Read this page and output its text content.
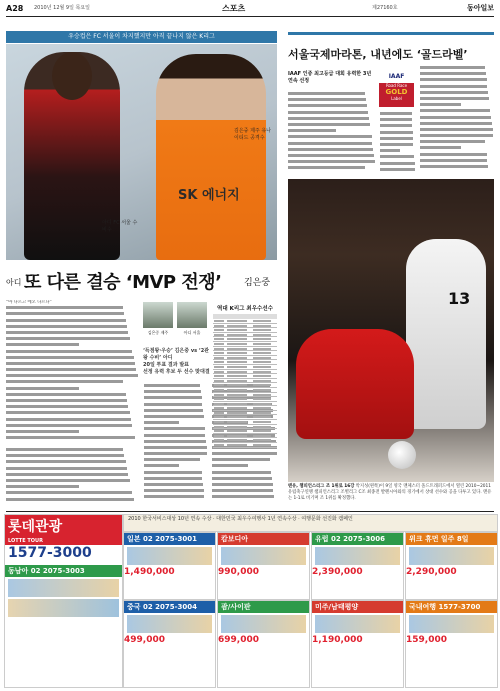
A28 2010년 12월 9일 목요일	스포츠	제27160호	동아일보
우승컵은 FC 서울이 차지했지만 아직 끝나지 않은 K리그
SK 에너지
김은중 제주 유나이티드 공격수
아디 FC 서울 수비수
아디 또 다른 결승 ‘MVP 전쟁’	김은중
“아 다르고 에오 다르다”
김은중 제주	아디 서울
‘득점왕·우승’ 김은중 vs ‘2관왕 수비’ 아디
20일 투표 결과 발표
선정 유력 후보 두 선수 맞대결
역대 K리그 최우수선수
서울국제마라톤, 내년에도 ‘골드라벨’
IAAF 인증 최고등급 대회 유력한 3년 연속 선정
IAAF
Road Race
GOLD
Label
13
맨유, 챔피언스리그 조 1위로 16강 박지성(왼쪽)이 9일 영국 맨체스터 올드트래퍼드에서 열린 2010~2011 유럽축구연맹 챔피언스리그 조별리그 C조 최종전 발렌시아와의 경기에서 상대 선수와 공을 다투고 있다. 맨유는 1-1로 비기며 조 1위를 확정했다.
롯데관광
LOTTE TOUR
1577-3000
동남아 02 2075-3003
2010 한국서비스대상 10년 연속 수상 · 대한민국 최우수여행사 1년 연속수상 · 여행문화 선진화 캠페인
일본 02 2075-3001
1,490,000
캄보디아
990,000
유럽 02 2075-3006
2,390,000
위크 휴먼 일주 8일
2,290,000
중국 02 2075-3004
499,000
괌/사이판
699,000
미주/남태평양
1,190,000
국내여행 1577-3700
159,000
